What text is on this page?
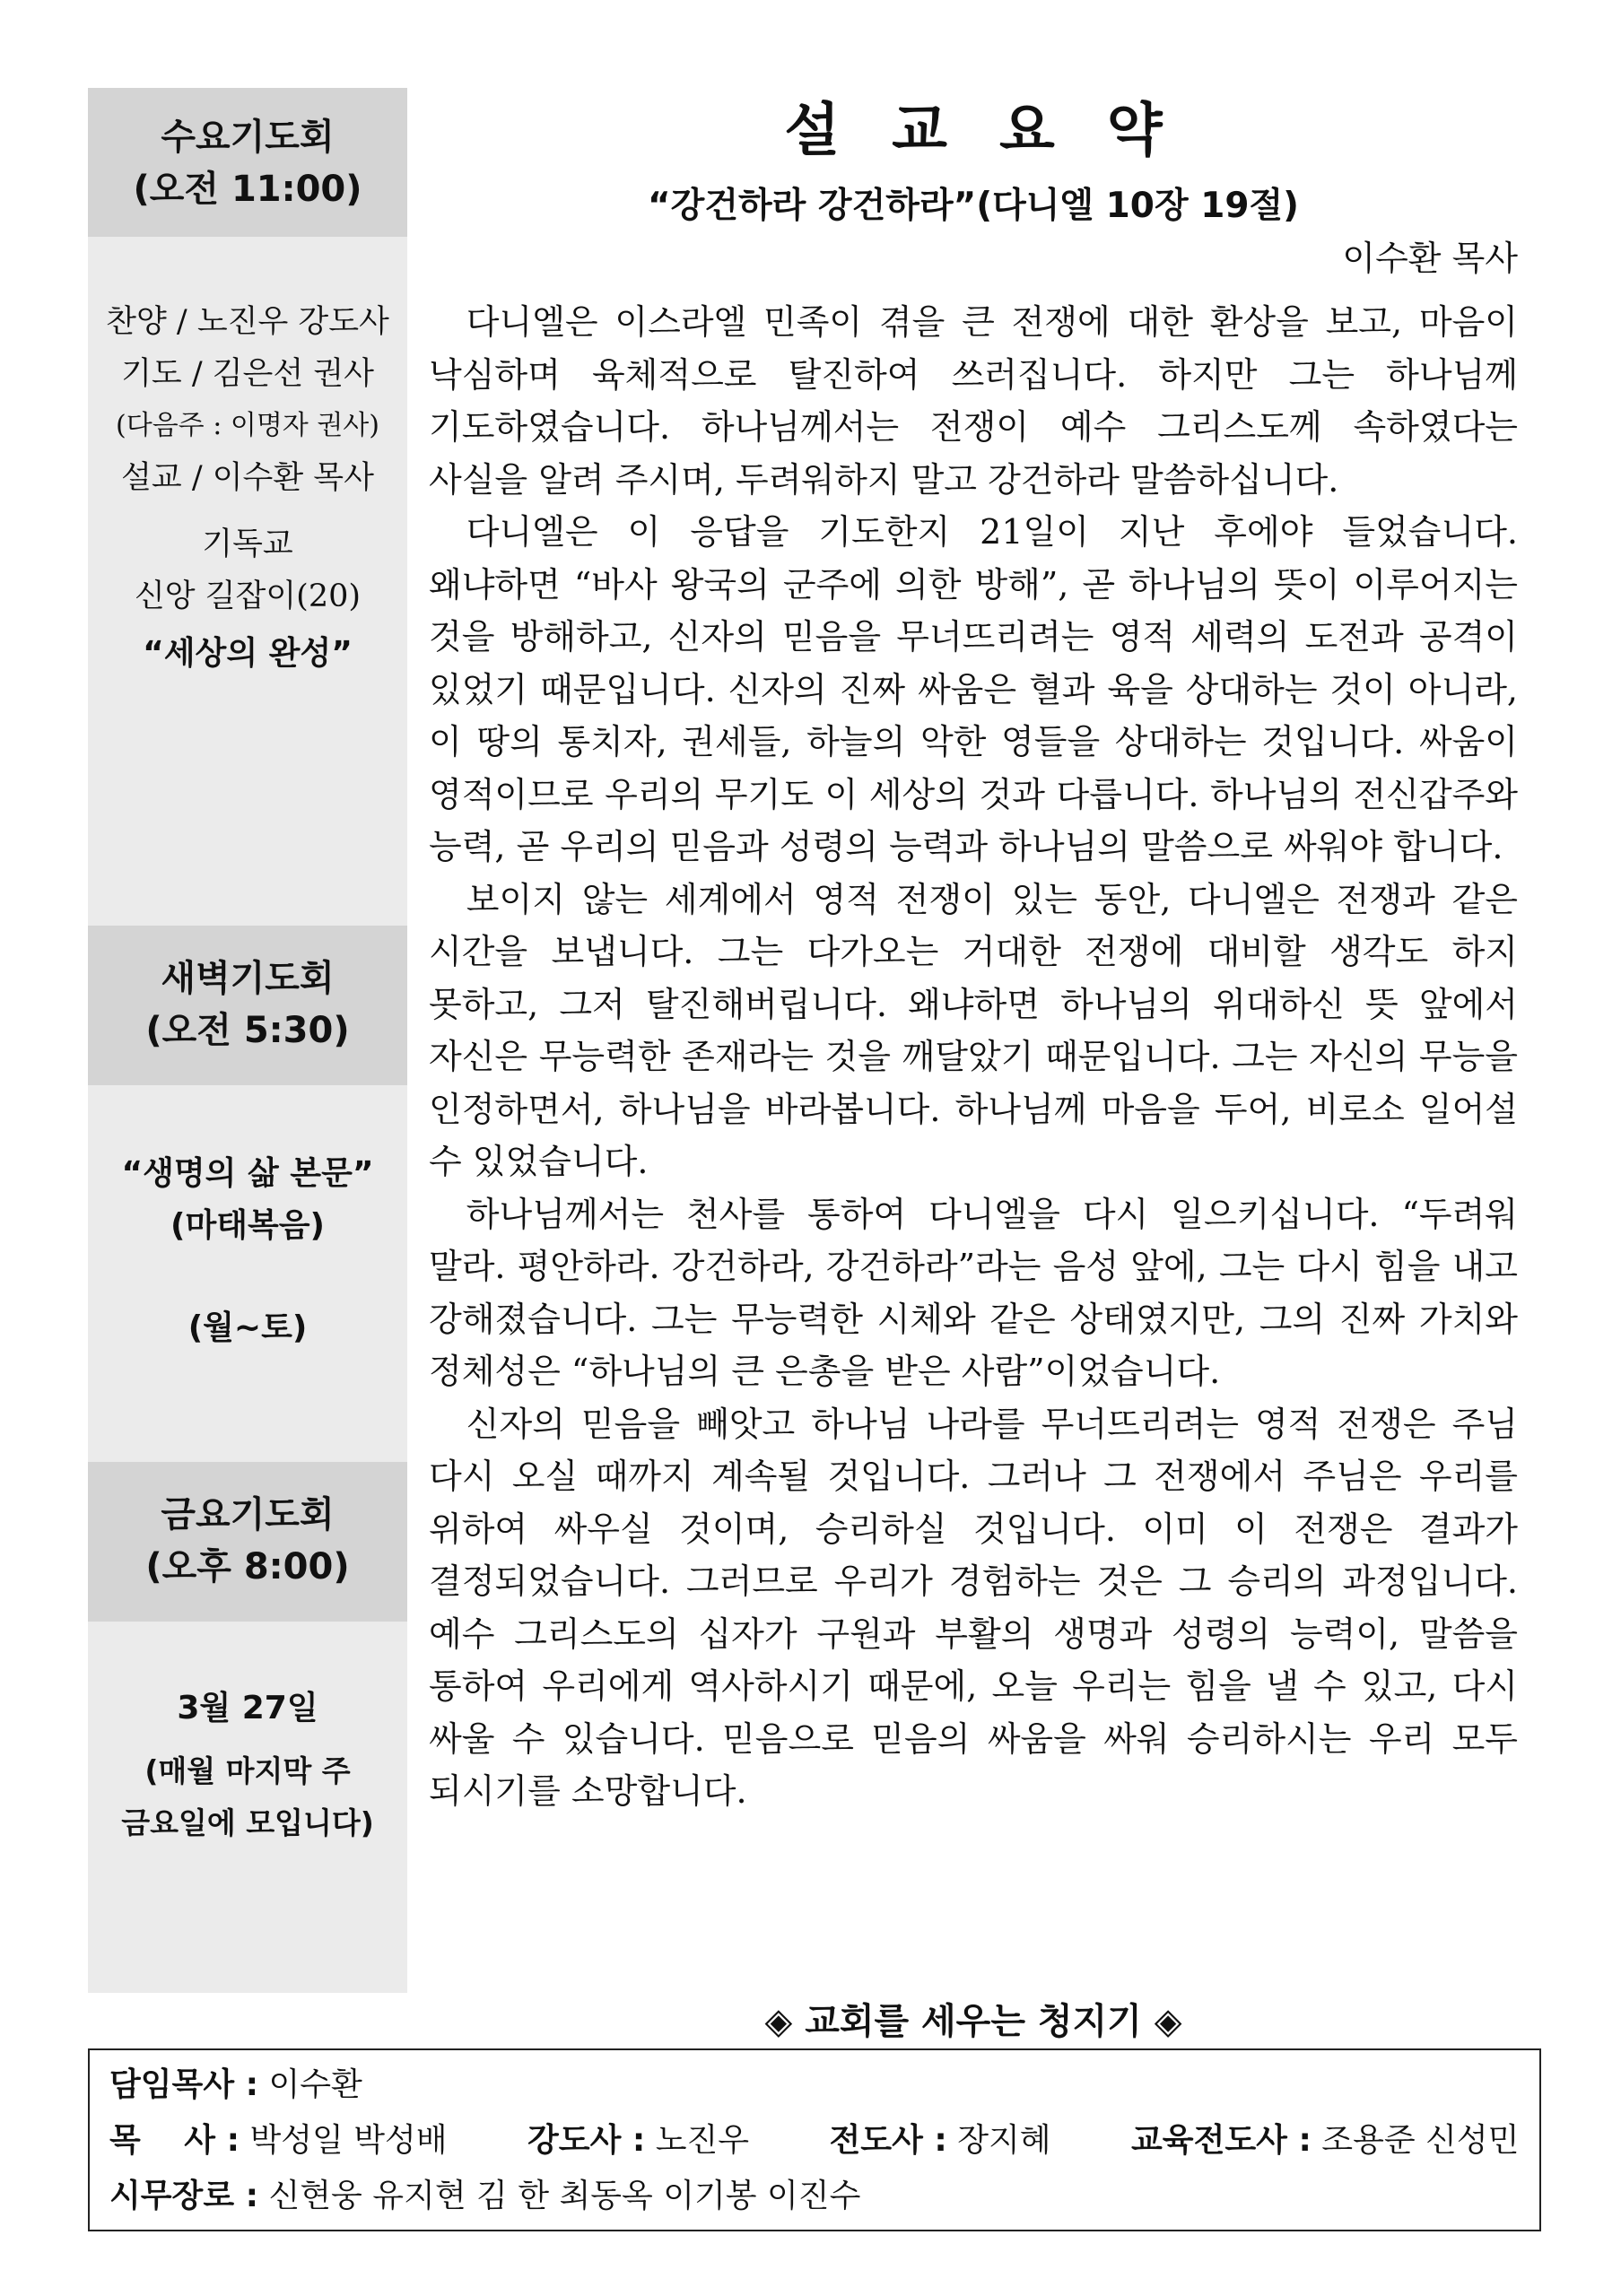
수요기도회
(오전 11:00)
찬양 / 노진우 강도사
기도 / 김은선 권사
(다음주 : 이명자 권사)
설교 / 이수환 목사
기독교
신앙 길잡이(20)
“세상의 완성”
새벽기도회
(오전 5:30)
“생명의 삶 본문”
(마태복음)
(월~토)
금요기도회
(오후 8:00)
3월 27일
(매월 마지막 주
금요일에 모입니다)
설교요약
“강건하라 강건하라”(다니엘 10장 19절)
이수환 목사

다니엘은 이스라엘 민족이 겪을 큰 전쟁에 대한 환상을 보고, 마음이 낙심하며 육체적으로 탈진하여 쓰러집니다. 하지만 그는 하나님께 기도하였습니다. 하나님께서는 전쟁이 예수 그리스도께 속하였다는 사실을 알려 주시며, 두려워하지 말고 강건하라 말씀하십니다.

다니엘은 이 응답을 기도한지 21일이 지난 후에야 들었습니다. 왜냐하면 “바사 왕국의 군주에 의한 방해”, 곧 하나님의 뜻이 이루어지는 것을 방해하고, 신자의 믿음을 무너뜨리려는 영적 세력의 도전과 공격이 있었기 때문입니다. 신자의 진짜 싸움은 혈과 육을 상대하는 것이 아니라, 이 땅의 통치자, 권세들, 하늘의 악한 영들을 상대하는 것입니다. 싸움이 영적이므로 우리의 무기도 이 세상의 것과 다릅니다. 하나님의 전신갑주와 능력, 곧 우리의 믿음과 성령의 능력과 하나님의 말씀으로 싸워야 합니다.

보이지 않는 세계에서 영적 전쟁이 있는 동안, 다니엘은 전쟁과 같은 시간을 보냅니다. 그는 다가오는 거대한 전쟁에 대비할 생각도 하지 못하고, 그저 탈진해버립니다. 왜냐하면 하나님의 위대하신 뜻 앞에서 자신은 무능력한 존재라는 것을 깨달았기 때문입니다. 그는 자신의 무능을 인정하면서, 하나님을 바라봅니다. 하나님께 마음을 두어, 비로소 일어설 수 있었습니다.

하나님께서는 천사를 통하여 다니엘을 다시 일으키십니다. “두려워 말라. 평안하라. 강건하라, 강건하라”라는 음성 앞에, 그는 다시 힘을 내고 강해졌습니다. 그는 무능력한 시체와 같은 상태였지만, 그의 진짜 가치와 정체성은 “하나님의 큰 은총을 받은 사람”이었습니다.

신자의 믿음을 빼앗고 하나님 나라를 무너뜨리려는 영적 전쟁은 주님 다시 오실 때까지 계속될 것입니다. 그러나 그 전쟁에서 주님은 우리를 위하여 싸우실 것이며, 승리하실 것입니다. 이미 이 전쟁은 결과가 결정되었습니다. 그러므로 우리가 경험하는 것은 그 승리의 과정입니다. 예수 그리스도의 십자가 구원과 부활의 생명과 성령의 능력이, 말씀을 통하여 우리에게 역사하시기 때문에, 오늘 우리는 힘을 낼 수 있고, 다시 싸울 수 있습니다. 믿음으로 믿음의 싸움을 싸워 승리하시는 우리 모두 되시기를 소망합니다.

◈ 교회를 세우는 청지기 ◈
담임목사 : 이수환
목　 사 : 박성일 박성배 강도사 : 노진우 전도사 : 장지혜 교육전도사 : 조용준 신성민
시무장로 : 신현웅 유지현 김 한 최동옥 이기봉 이진수
